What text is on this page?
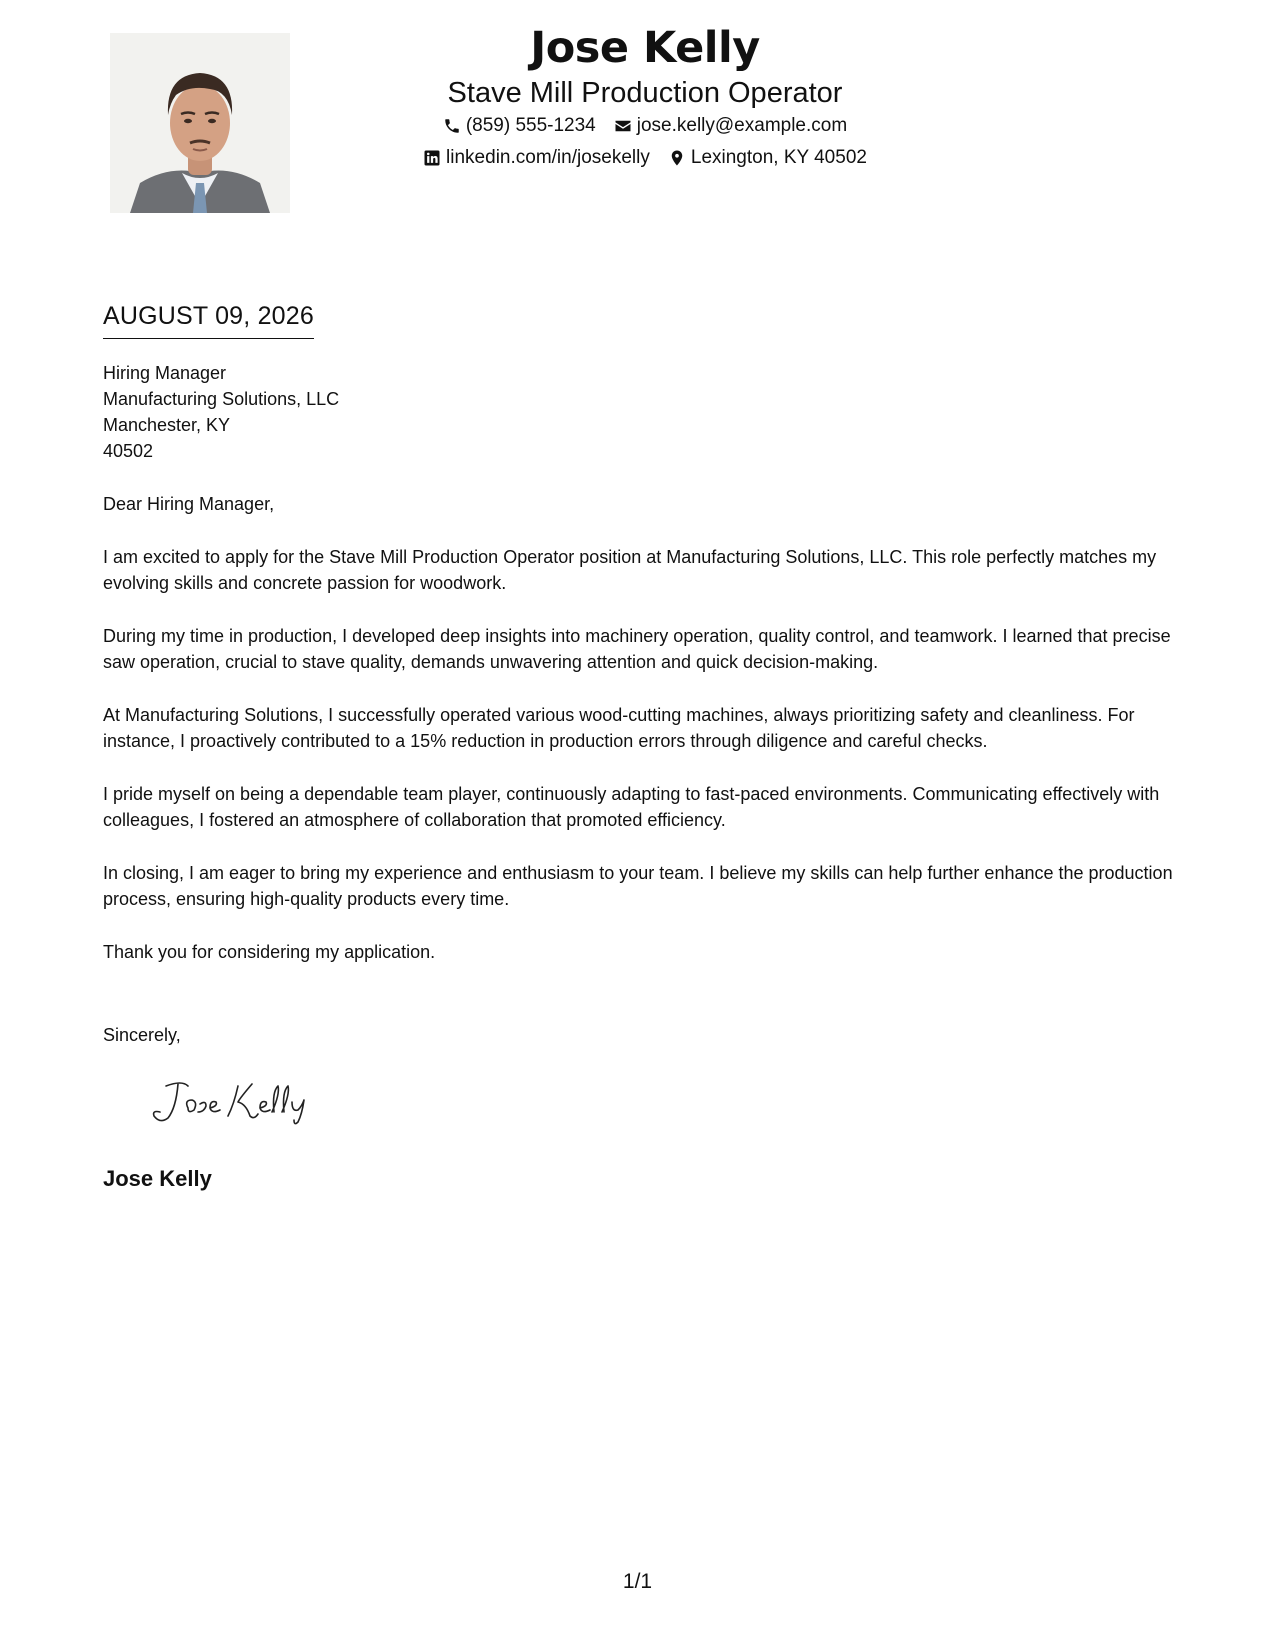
Jose Kelly
Stave Mill Production Operator
(859) 555-1234 jose.kelly@example.com
linkedin.com/in/josekelly Lexington, KY 40502
AUGUST 09, 2026
Hiring Manager
Manufacturing Solutions, LLC
Manchester, KY
40502

Dear Hiring Manager,

I am excited to apply for the Stave Mill Production Operator position at Manufacturing Solutions, LLC. This role perfectly matches my evolving skills and concrete passion for woodwork.

During my time in production, I developed deep insights into machinery operation, quality control, and teamwork. I learned that precise saw operation, crucial to stave quality, demands unwavering attention and quick decision-making.

At Manufacturing Solutions, I successfully operated various wood-cutting machines, always prioritizing safety and cleanliness. For instance, I proactively contributed to a 15% reduction in production errors through diligence and careful checks.

I pride myself on being a dependable team player, continuously adapting to fast-paced environments. Communicating effectively with colleagues, I fostered an atmosphere of collaboration that promoted efficiency.

In closing, I am eager to bring my experience and enthusiasm to your team. I believe my skills can help further enhance the production process, ensuring high-quality products every time.

Thank you for considering my application.

Sincerely,
Jose Kelly
1/1
